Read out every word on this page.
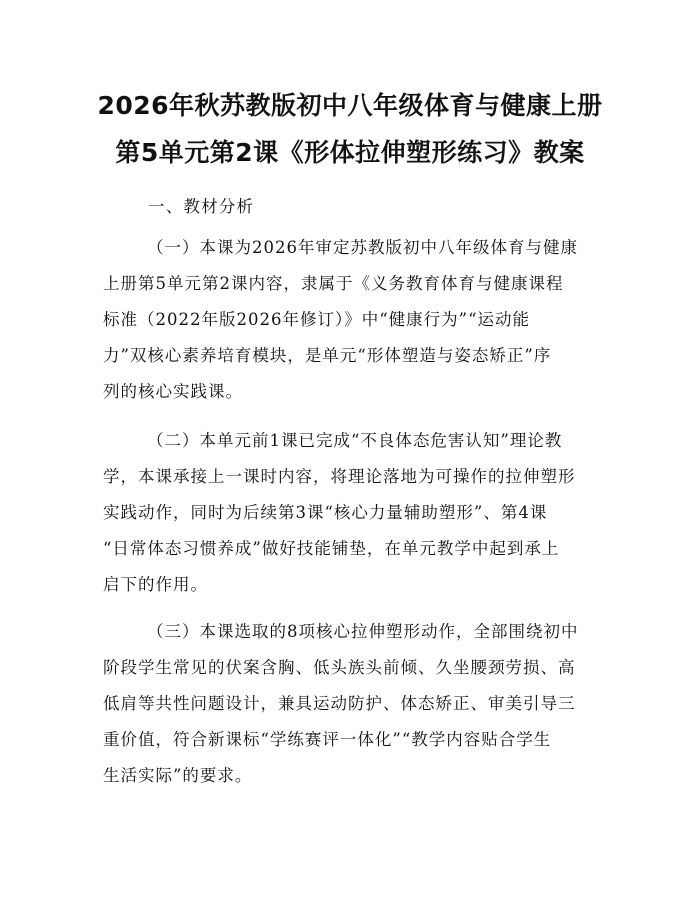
2026年秋苏教版初中八年级体育与健康上册
第5单元第2课《形体拉伸塑形练习》教案
一、教材分析
（一）本课为2026年审定苏教版初中八年级体育与健康
上册第5单元第2课内容，隶属于《义务教育体育与健康课程
标准（2022年版2026年修订）》中“健康行为”“运动能
力”双核心素养培育模块，是单元“形体塑造与姿态矫正”序
列的核心实践课。
（二）本单元前1课已完成“不良体态危害认知”理论教
学，本课承接上一课时内容，将理论落地为可操作的拉伸塑形
实践动作，同时为后续第3课“核心力量辅助塑形”、第4课
“日常体态习惯养成”做好技能铺垫，在单元教学中起到承上
启下的作用。
（三）本课选取的8项核心拉伸塑形动作，全部围绕初中
阶段学生常见的伏案含胸、低头族头前倾、久坐腰颈劳损、高
低肩等共性问题设计，兼具运动防护、体态矫正、审美引导三
重价值，符合新课标“学练赛评一体化”“教学内容贴合学生
生活实际”的要求。
